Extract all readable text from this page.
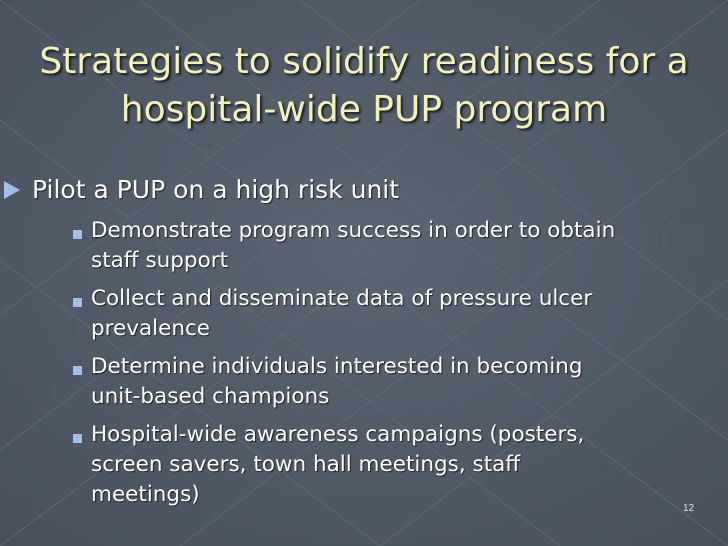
Strategies to solidify readiness for a
hospital-wide PUP program
Pilot a PUP on a high risk unit
Demonstrate program success in order to obtain
staff support
Collect and disseminate data of pressure ulcer
prevalence
Determine individuals interested in becoming
unit-based champions
Hospital-wide awareness campaigns (posters,
screen savers, town hall meetings, staff
meetings)
12
